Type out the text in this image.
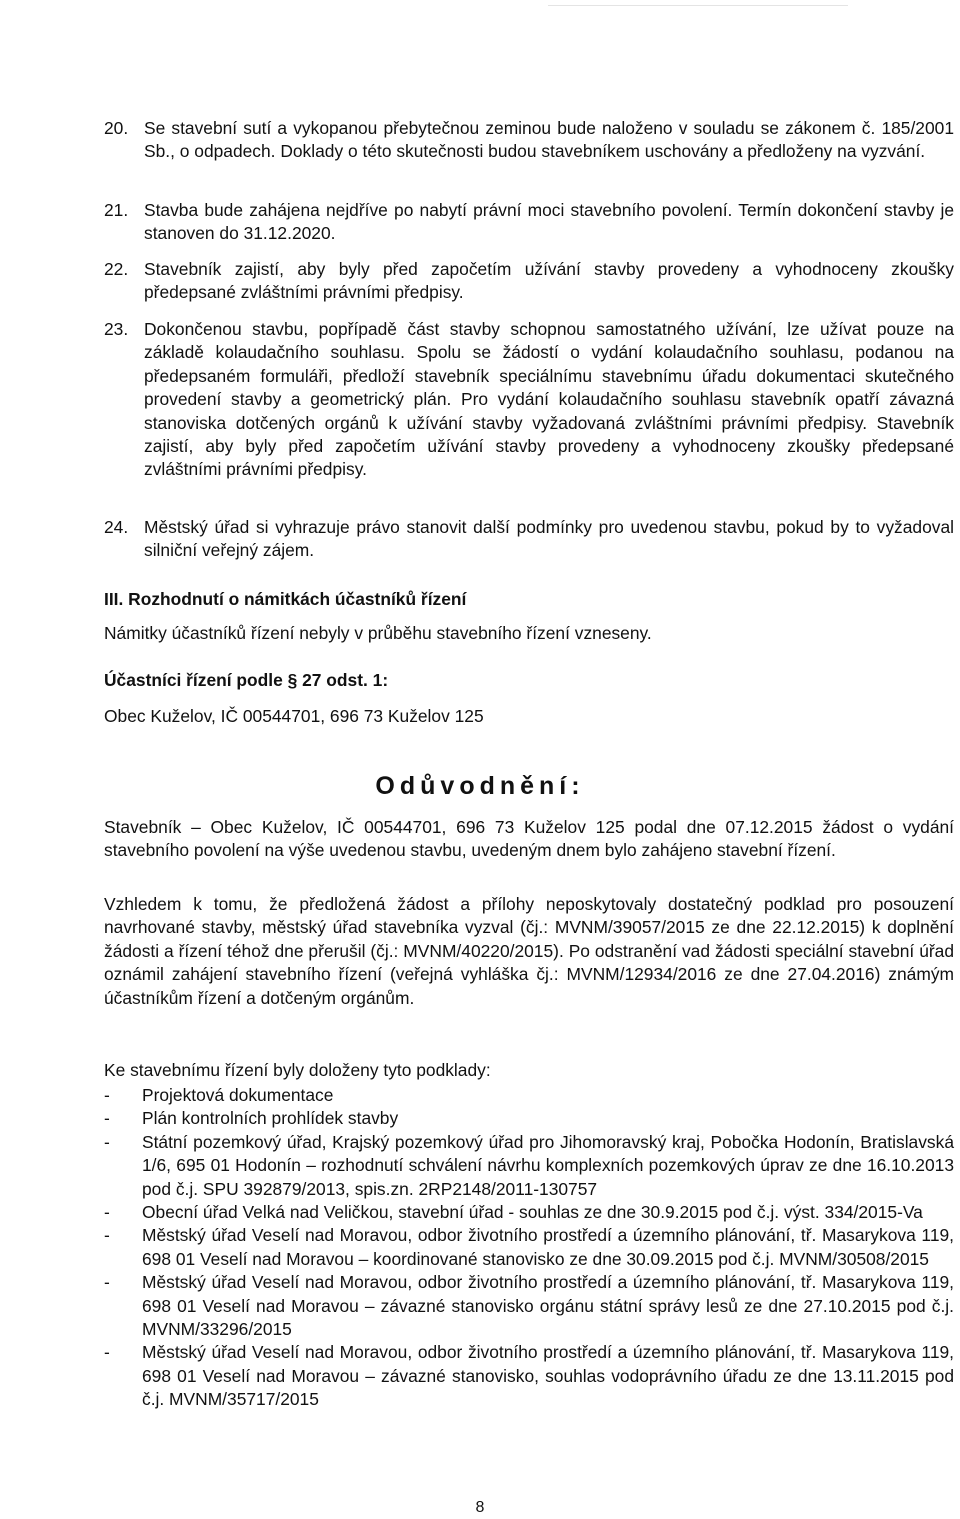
20. Se stavební sutí a vykopanou přebytečnou zeminou bude naloženo v souladu se zákonem č. 185/2001 Sb., o odpadech. Doklady o této skutečnosti budou stavebníkem uschovány a předloženy na vyzvání.
21. Stavba bude zahájena nejdříve po nabytí právní moci stavebního povolení. Termín dokončení stavby je stanoven do 31.12.2020.
22. Stavebník zajistí, aby byly před započetím užívání stavby provedeny a vyhodnoceny zkoušky předepsané zvláštními právními předpisy.
23. Dokončenou stavbu, popřípadě část stavby schopnou samostatného užívání, lze užívat pouze na základě kolaudačního souhlasu. Spolu se žádostí o vydání kolaudačního souhlasu, podanou na předepsaném formuláři, předloží stavebník speciálnímu stavebnímu úřadu dokumentaci skutečného provedení stavby a geometrický plán. Pro vydání kolaudačního souhlasu stavebník opatří závazná stanoviska dotčených orgánů k užívání stavby vyžadovaná zvláštními právními předpisy. Stavebník zajistí, aby byly před započetím užívání stavby provedeny a vyhodnoceny zkoušky předepsané zvláštními právními předpisy.
24. Městský úřad si vyhrazuje právo stanovit další podmínky pro uvedenou stavbu, pokud by to vyžadoval silniční veřejný zájem.
III. Rozhodnutí o námitkách účastníků řízení
Námitky účastníků řízení nebyly v průběhu stavebního řízení vzneseny.
Účastníci řízení podle § 27 odst. 1:
Obec Kuželov, IČ 00544701, 696 73 Kuželov 125
Odůvodnění:
Stavebník – Obec Kuželov, IČ 00544701, 696 73 Kuželov 125 podal dne 07.12.2015 žádost o vydání stavebního povolení na výše uvedenou stavbu, uvedeným dnem bylo zahájeno stavební řízení.
Vzhledem k tomu, že předložená žádost a přílohy neposkytovaly dostatečný podklad pro posouzení navrhované stavby, městský úřad stavebníka vyzval (čj.: MVNM/39057/2015 ze dne 22.12.2015) k doplnění žádosti a řízení téhož dne přerušil (čj.: MVNM/40220/2015). Po odstranění vad žádosti speciální stavební úřad oznámil zahájení stavebního řízení (veřejná vyhláška čj.: MVNM/12934/2016 ze dne 27.04.2016) známým účastníkům řízení a dotčeným orgánům.
Ke stavebnímu řízení byly doloženy tyto podklady:
- Projektová dokumentace
- Plán kontrolních prohlídek stavby
- Státní pozemkový úřad, Krajský pozemkový úřad pro Jihomoravský kraj, Pobočka Hodonín, Bratislavská 1/6, 695 01 Hodonín – rozhodnutí schválení návrhu komplexních pozemkových úprav ze dne 16.10.2013 pod č.j. SPU 392879/2013, spis.zn. 2RP2148/2011-130757
- Obecní úřad Velká nad Veličkou, stavební úřad - souhlas ze dne 30.9.2015 pod č.j. výst. 334/2015-Va
- Městský úřad Veselí nad Moravou, odbor životního prostředí a územního plánování, tř. Masarykova 119, 698 01 Veselí nad Moravou – koordinované stanovisko ze dne 30.09.2015 pod č.j. MVNM/30508/2015
- Městský úřad Veselí nad Moravou, odbor životního prostředí a územního plánování, tř. Masarykova 119, 698 01 Veselí nad Moravou – závazné stanovisko orgánu státní správy lesů ze dne 27.10.2015 pod č.j. MVNM/33296/2015
- Městský úřad Veselí nad Moravou, odbor životního prostředí a územního plánování, tř. Masarykova 119, 698 01 Veselí nad Moravou – závazné stanovisko, souhlas vodoprávního úřadu ze dne 13.11.2015 pod č.j. MVNM/35717/2015
8
